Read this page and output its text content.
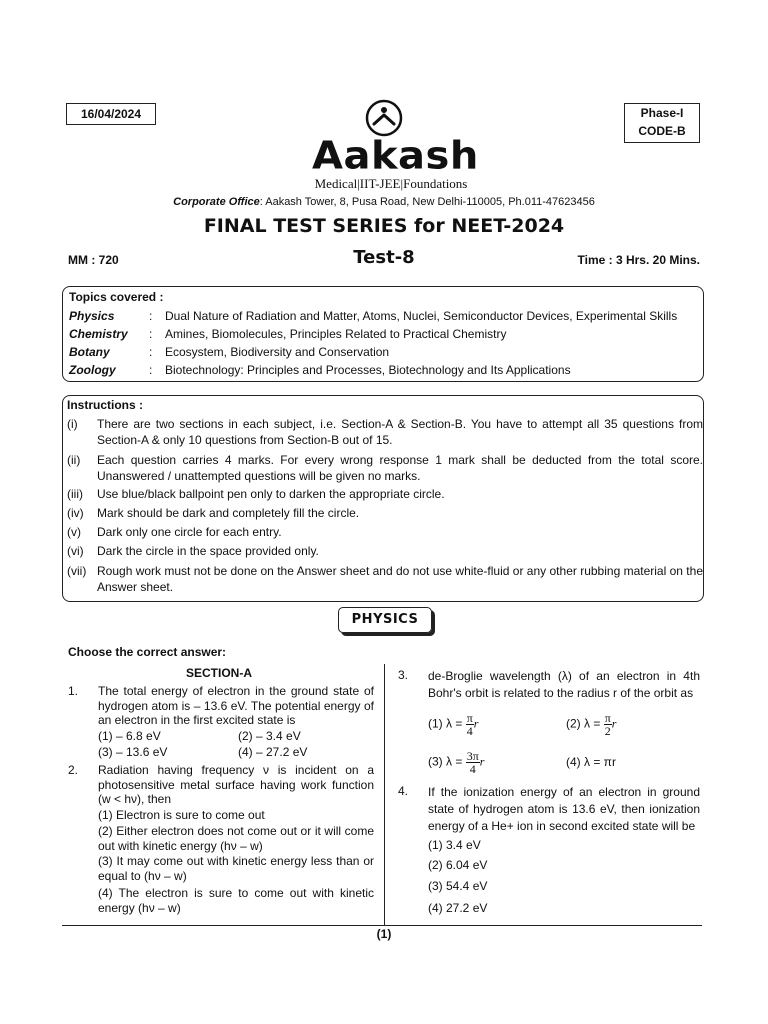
16/04/2024	Phase-I
CODE-B
Aakash
Medical|IIT-JEE|Foundations
Corporate Office: Aakash Tower, 8, Pusa Road, New Delhi-110005, Ph.011-47623456
FINAL TEST SERIES for NEET-2024
MM : 720	Test-8	Time : 3 Hrs. 20 Mins.
Topics covered :
Physics	: Dual Nature of Radiation and Matter, Atoms, Nuclei, Semiconductor Devices, Experimental Skills
Chemistry : Amines, Biomolecules, Principles Related to Practical Chemistry
Botany	: Ecosystem, Biodiversity and Conservation
Zoology	: Biotechnology: Principles and Processes, Biotechnology and Its Applications
Instructions :
(i) There are two sections in each subject, i.e. Section-A & Section-B. You have to attempt all 35 questions from Section-A & only 10 questions from Section-B out of 15.
(ii) Each question carries 4 marks. For every wrong response 1 mark shall be deducted from the total score. Unanswered / unattempted questions will be given no marks.
(iii) Use blue/black ballpoint pen only to darken the appropriate circle.
(iv) Mark should be dark and completely fill the circle.
(v) Dark only one circle for each entry.
(vi) Dark the circle in the space provided only.
(vii) Rough work must not be done on the Answer sheet and do not use white-fluid or any other rubbing material on the Answer sheet.
PHYSICS
Choose the correct answer:
SECTION-A
1. The total energy of electron in the ground state of hydrogen atom is – 13.6 eV. The potential energy of an electron in the first excited state is
(1) – 6.8 eV	(2) – 3.4 eV
(3) – 13.6 eV	(4) – 27.2 eV
2. Radiation having frequency ν is incident on a photosensitive metal surface having work function (w < hν), then
(1) Electron is sure to come out
(2) Either electron does not come out or it will come out with kinetic energy (hν – w)
(3) It may come out with kinetic energy less than or equal to (hν – w)
(4) The electron is sure to come out with kinetic energy (hν – w)
3. de-Broglie wavelength (λ) of an electron in 4th Bohr's orbit is related to the radius r of the orbit as
(1) $\lambda = \frac{\pi}{4}$ r	(2) $\lambda = \frac{\pi}{2}$ r
(3) $\lambda = \frac{3\pi}{4}$ r	(4) λ = πr
4. If the ionization energy of an electron in ground state of hydrogen atom is 13.6 eV, then ionization energy of a He+ ion in second excited state will be
(1) 3.4 eV
(2) 6.04 eV
(3) 54.4 eV
(4) 27.2 eV
(1)
